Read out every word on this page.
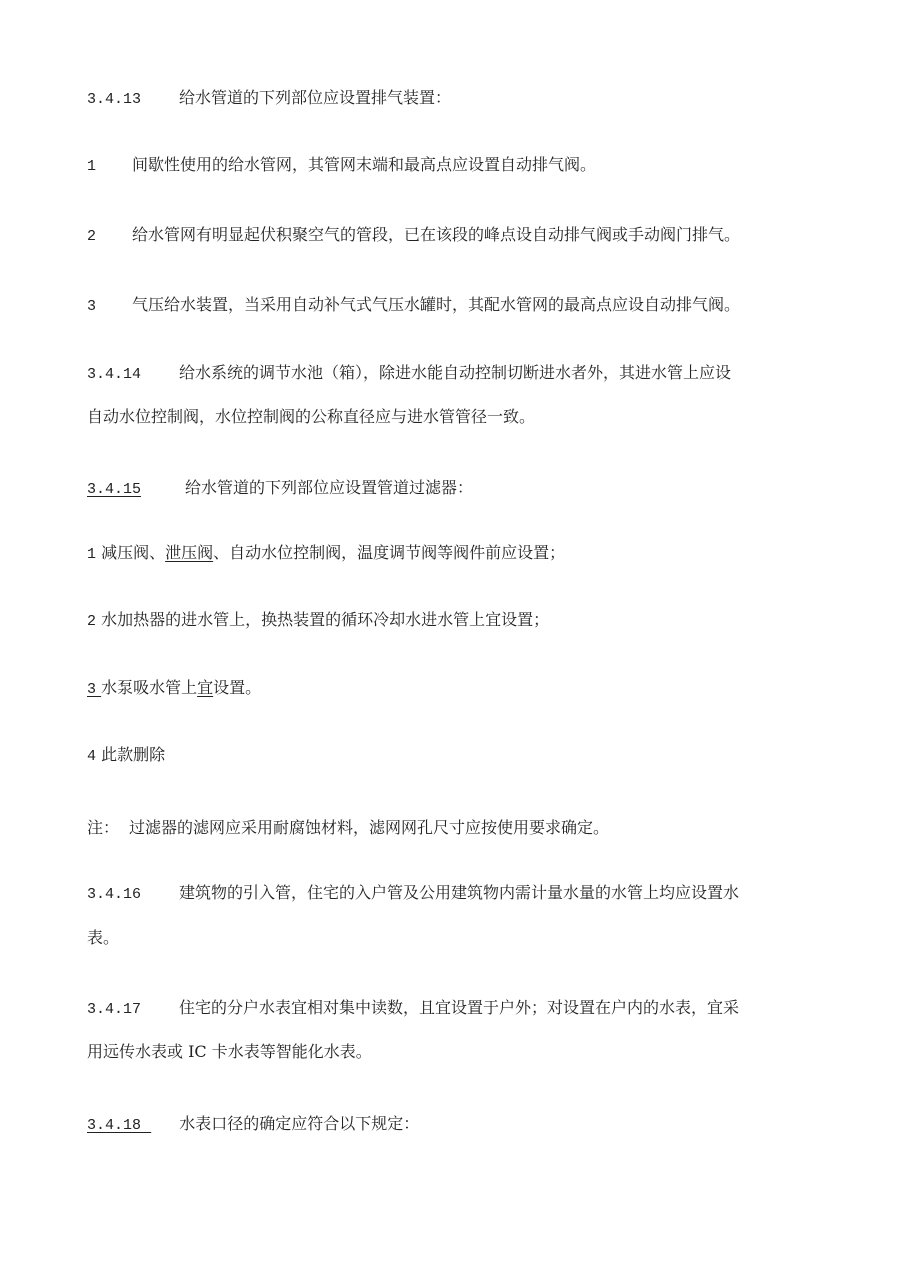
3.4.13 给水管道的下列部位应设置排气装置：
1 间歇性使用的给水管网，其管网末端和最高点应设置自动排气阀。
2 给水管网有明显起伏积聚空气的管段，已在该段的峰点设自动排气阀或手动阀门排气。
3 气压给水装置，当采用自动补气式气压水罐时，其配水管网的最高点应设自动排气阀。
3.4.14 给水系统的调节水池（箱），除进水能自动控制切断进水者外，其进水管上应设
自动水位控制阀，水位控制阀的公称直径应与进水管管径一致。
3.4.15	给水管道的下列部位应设置管道过滤器：
1 减压阀、泄压阀、自动水位控制阀，温度调节阀等阀件前应设置；
2 水加热器的进水管上，换热装置的循环冷却水进水管上宜设置；
3 水泵吸水管上宜设置。
4 此款删除
注： 过滤器的滤网应采用耐腐蚀材料，滤网网孔尺寸应按使用要求确定。
3.4.16 建筑物的引入管，住宅的入户管及公用建筑物内需计量水量的水管上均应设置水
表。
3.4.17 住宅的分户水表宜相对集中读数，且宜设置于户外；对设置在户内的水表，宜采
用远传水表或 IC 卡水表等智能化水表。
3.4.18 水表口径的确定应符合以下规定：
